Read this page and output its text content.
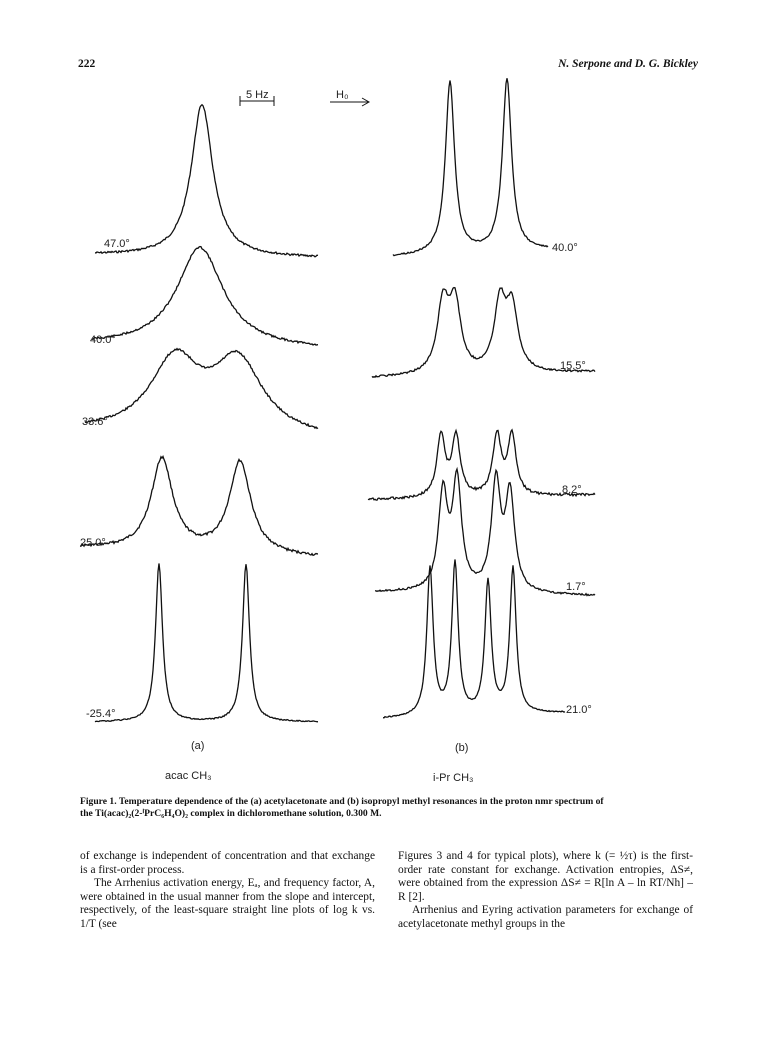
222	N. Serpone and D. G. Bickley
5 Hz	H₀
47.0°
40.0°
33.6°
25.0°
-25.4°
40.0°
15.5°
8.2°
1.7°
21.0°
(a)	(b)
acac CH₃	i-Pr CH₃
Figure 1. Temperature dependence of the (a) acetylacetonate and (b) isopropyl methyl resonances in the proton nmr spectrum of
the Ti(acac)₂(2-ⁱPrC₆H₄O)₂ complex in dichloromethane solution, 0.300 M.

of exchange is independent of concentration and that exchange is a first-order process.

The Arrhenius activation energy, Eₐ, and frequency factor, A, were obtained in the usual manner from the slope and intercept, respectively, of the least-square straight line plots of log k vs. 1/T (see

Figures 3 and 4 for typical plots), where k (= ½τ) is the first-order rate constant for exchange. Activation entropies, ΔS≠, were obtained from the expression ΔS≠ = R[ln A – ln RT/Nh] – R [2].

Arrhenius and Eyring activation parameters for exchange of acetylacetonate methyl groups in the
